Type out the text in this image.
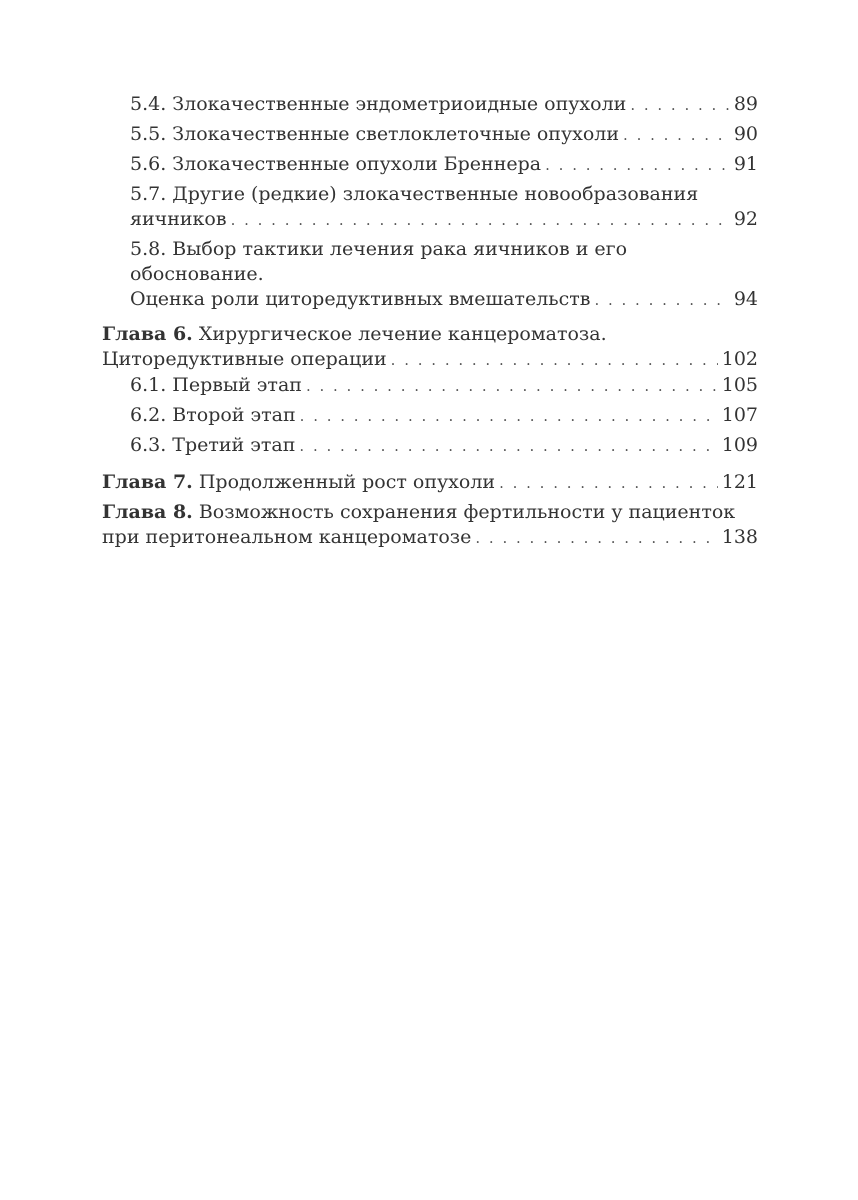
5.4. Злокачественные эндометриоидные опухоли . . .	89
5.5. Злокачественные светлоклеточные опухоли . . .	90
5.6. Злокачественные опухоли Бреннера . . .	91
5.7. Другие (редкие) злокачественные новообразования
яичников . . .	92
5.8. Выбор тактики лечения рака яичников и его обоснование.
Оценка роли циторедуктивных вмешательств . . .	94
Глава 6. Хирургическое лечение канцероматоза.
Циторедуктивные операции . . .	102
6.1. Первый этап . . .	105
6.2. Второй этап . . .	107
6.3. Третий этап . . .	109
Глава 7. Продолженный рост опухоли . . .	121
Глава 8. Возможность сохранения фертильности у пациенток
при перитонеальном канцероматозе . . .	138
